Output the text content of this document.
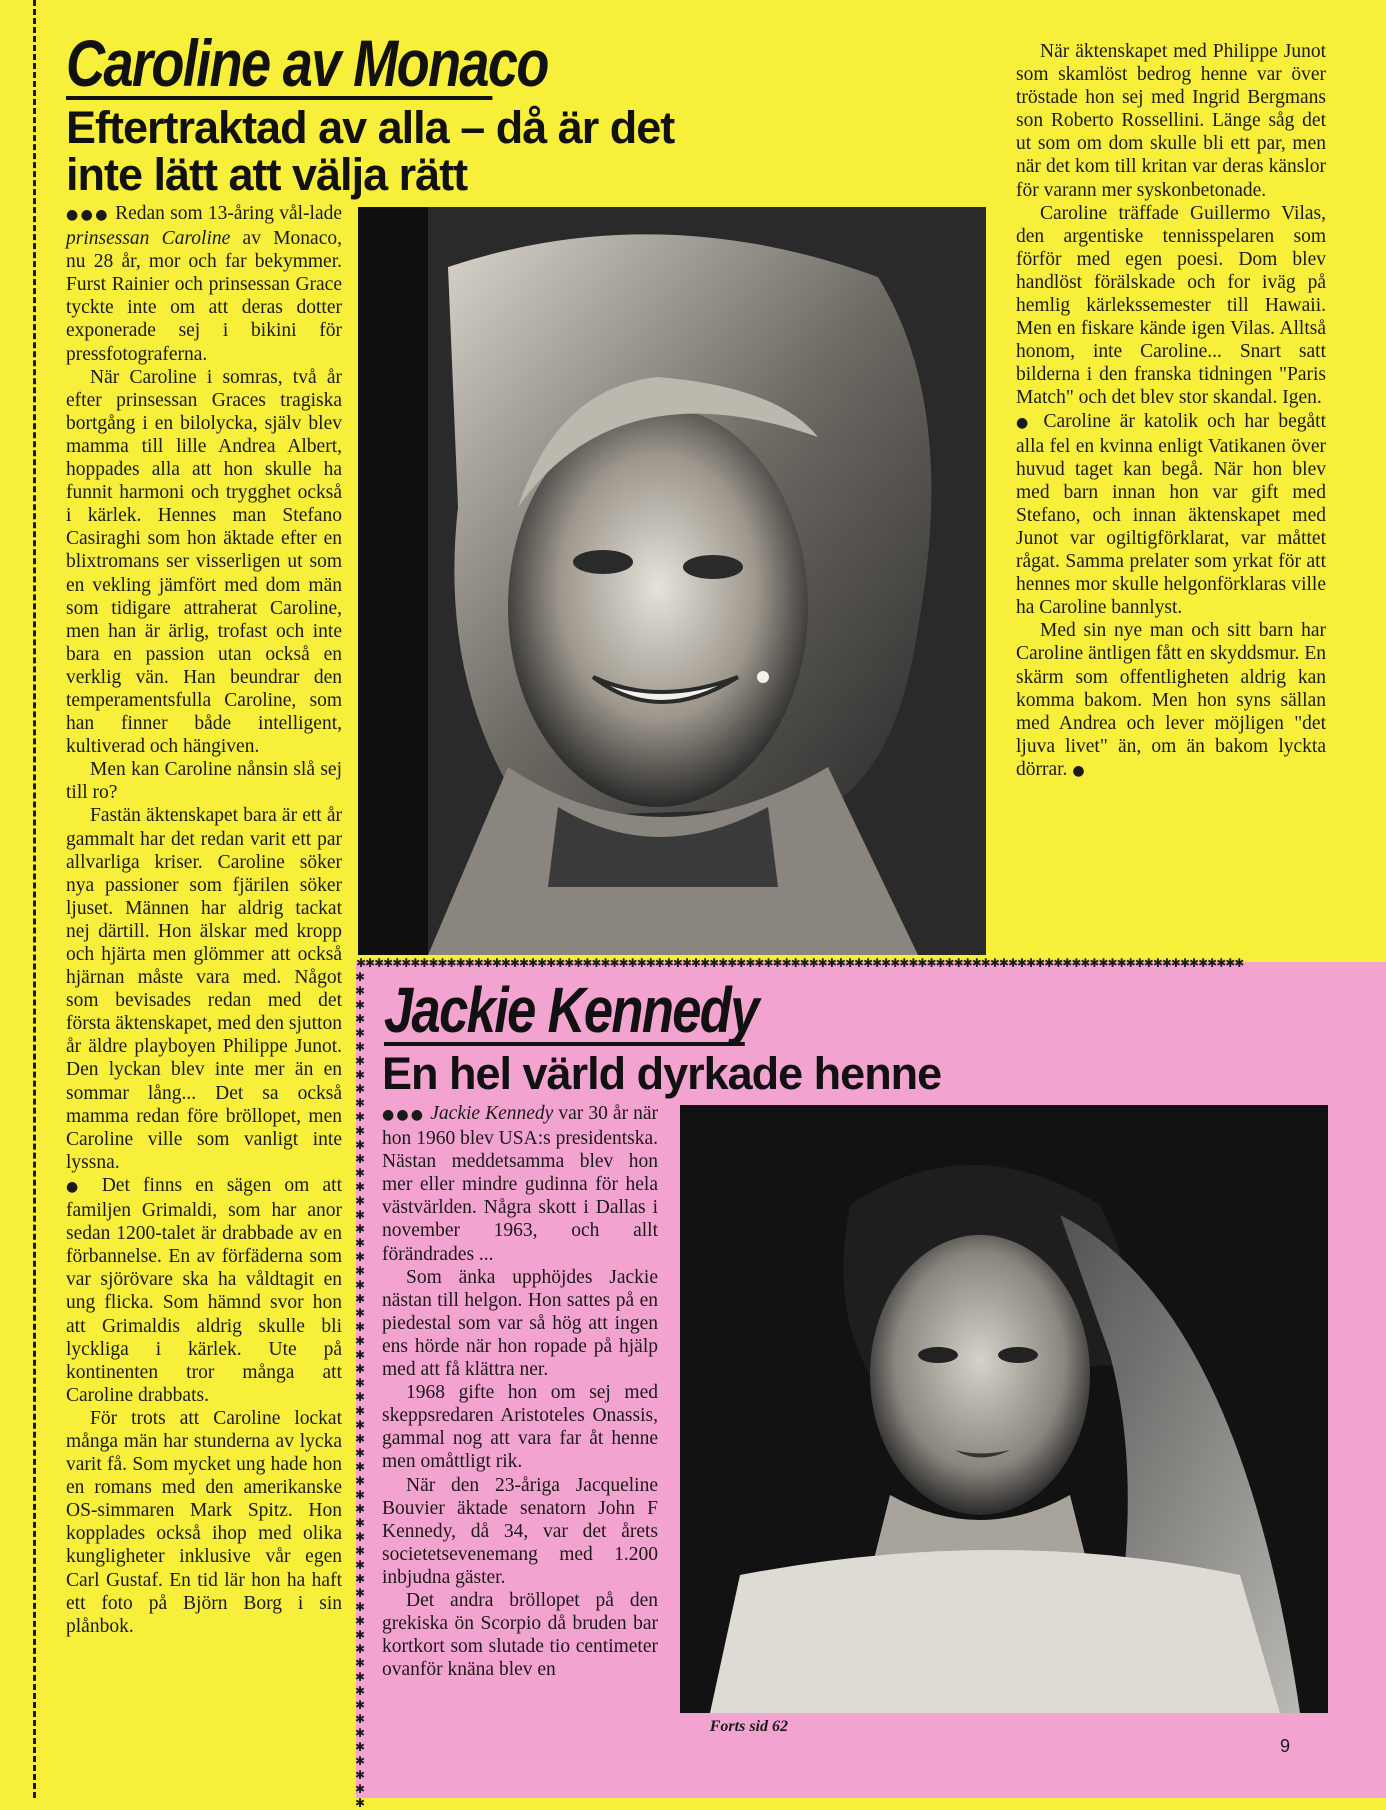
✱✱✱✱✱✱✱✱✱✱✱✱✱✱✱✱✱✱✱✱✱✱✱✱✱✱✱✱✱✱✱✱✱✱✱✱✱✱✱✱✱✱✱✱✱✱✱✱✱✱✱✱✱✱✱✱✱✱✱✱✱✱✱✱✱✱✱✱✱✱✱✱✱✱✱✱✱✱✱✱✱✱✱✱✱✱✱✱✱✱✱✱✱✱✱✱✱✱
✱✱✱✱✱✱✱✱✱✱✱✱✱✱✱✱✱✱✱✱✱✱✱✱✱✱✱✱✱✱✱✱✱✱✱✱✱✱✱✱✱✱✱✱✱✱✱✱✱✱✱✱✱✱✱✱✱✱✱✱
Caroline av Monaco
Eftertraktad av alla – då är det inte lätt att välja rätt

●●● Redan som 13-åring vål-lade prinsessan Caroline av Monaco, nu 28 år, mor och far bekymmer. Furst Rainier och prinsessan Grace tyckte inte om att deras dotter exponerade sej i bikini för pressfotograferna.

När Caroline i somras, två år efter prinsessan Graces tragiska bortgång i en bilolycka, själv blev mamma till lille Andrea Albert, hoppades alla att hon skulle ha funnit harmoni och trygghet också i kärlek. Hennes man Stefano Casiraghi som hon äktade efter en blixtromans ser visserligen ut som en vekling jämfört med dom män som tidigare attraherat Caroline, men han är ärlig, trofast och inte bara en passion utan också en verklig vän. Han beundrar den temperamentsfulla Caroline, som han finner både intelligent, kultiverad och hängiven.

Men kan Caroline nånsin slå sej till ro?

Fastän äktenskapet bara är ett år gammalt har det redan varit ett par allvarliga kriser. Caroline söker nya passioner som fjärilen söker ljuset. Männen har aldrig tackat nej därtill. Hon älskar med kropp och hjärta men glömmer att också hjärnan måste vara med. Något som bevisades redan med det första äktenskapet, med den sjutton år äldre playboyen Philippe Junot. Den lyckan blev inte mer än en sommar lång... Det sa också mamma redan före bröllopet, men Caroline ville som vanligt inte lyssna.

● Det finns en sägen om att familjen Grimaldi, som har anor sedan 1200-talet är drabbade av en förbannelse. En av förfäderna som var sjörövare ska ha våldtagit en ung flicka. Som hämnd svor hon att Grimaldis aldrig skulle bli lyckliga i kärlek. Ute på kontinenten tror många att Caroline drabbats.

För trots att Caroline lockat många män har stunderna av lycka varit få. Som mycket ung hade hon en romans med den amerikanske OS-simmaren Mark Spitz. Hon kopplades också ihop med olika kungligheter inklusive vår egen Carl Gustaf. En tid lär hon ha haft ett foto på Björn Borg i sin plånbok.

När äktenskapet med Philippe Junot som skamlöst bedrog henne var över tröstade hon sej med Ingrid Bergmans son Roberto Rossellini. Länge såg det ut som om dom skulle bli ett par, men när det kom till kritan var deras känslor för varann mer syskonbetonade.

Caroline träffade Guillermo Vilas, den argentiske tennisspelaren som förför med egen poesi. Dom blev handlöst förälskade och for iväg på hemlig kärlekssemester till Hawaii. Men en fiskare kände igen Vilas. Alltså honom, inte Caroline... Snart satt bilderna i den franska tidningen "Paris Match" och det blev stor skandal. Igen.

● Caroline är katolik och har begått alla fel en kvinna enligt Vatikanen över huvud taget kan begå. När hon blev med barn innan hon var gift med Stefano, och innan äktenskapet med Junot var ogiltigförklarat, var måttet rågat. Samma prelater som yrkat för att hennes mor skulle helgonförklaras ville ha Caroline bannlyst.

Med sin nye man och sitt barn har Caroline äntligen fått en skyddsmur. En skärm som offentligheten aldrig kan komma bakom. Men hon syns sällan med Andrea och lever möjligen "det ljuva livet" än, om än bakom lyckta dörrar. ●

Jackie Kennedy
En hel värld dyrkade henne

●●● Jackie Kennedy var 30 år när hon 1960 blev USA:s presidentska. Nästan meddetsamma blev hon mer eller mindre gudinna för hela västvärlden. Några skott i Dallas i november 1963, och allt förändrades ...

Som änka upphöjdes Jackie nästan till helgon. Hon sattes på en piedestal som var så hög att ingen ens hörde när hon ropade på hjälp med att få klättra ner.

1968 gifte hon om sej med skeppsredaren Aristoteles Onassis, gammal nog att vara far åt henne men omåttligt rik.

När den 23-åriga Jacqueline Bouvier äktade senatorn John F Kennedy, då 34, var det årets societetsevenemang med 1.200 inbjudna gäster.

Det andra bröllopet på den grekiska ön Scorpio då bruden bar kortkort som slutade tio centimeter ovanför knäna blev en

Forts sid 62
9
